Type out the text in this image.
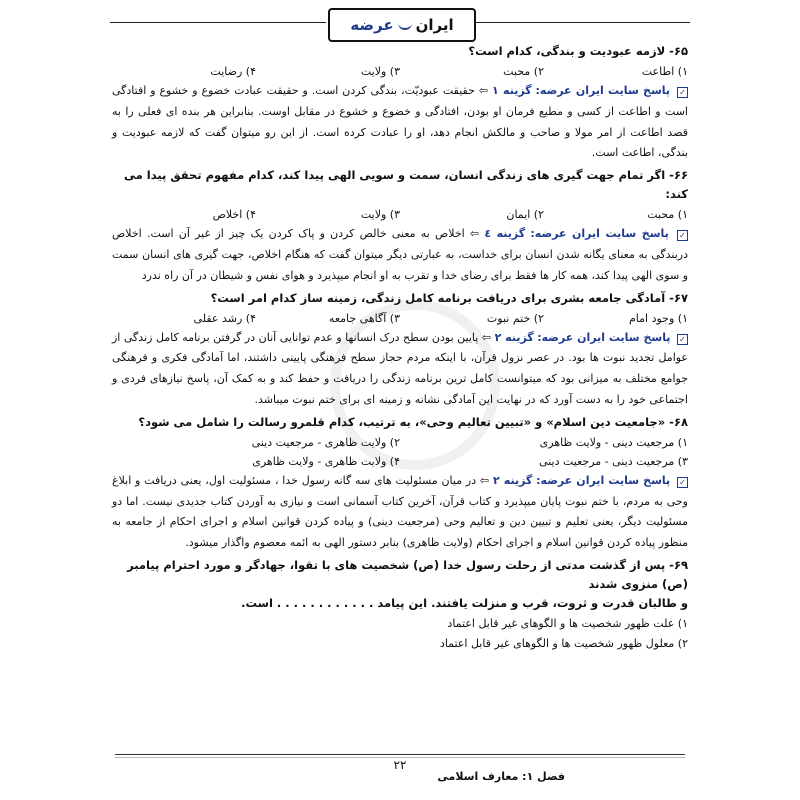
ایران
عرضه
۶۵- لازمه عبودیت و بندگی، کدام است؟
۱) اطاعت
۲) محبت
۳) ولایت
۴) رضایت

✓ پاسخ سایت ایران عرضه: گزینه ۱ ⇦ حقیقت عبودیّت، بندگی کردن است. و حقیقت عبادت خضوع و خشوع و افتادگی است و اطاعت از کسی و مطیع فرمان او بودن، افتادگی و خضوع و خشوع در مقابل اوست. بنابراین هر بنده ای فعلی را به قصد اطاعت از امر مولا و صاحب و مالکش انجام دهد، او را عبادت کرده است. از این رو میتوان گفت که لازمه عبودیت و بندگی، اطاعت است.

۶۶- اگر تمام جهت گیری های زندگی انسان، سمت و سویی الهی پیدا کند، کدام مفهوم تحقق پیدا می کند:
۱) محبت
۲) ایمان
۳) ولایت
۴) اخلاص

✓ پاسخ سایت ایران عرضه: گزینه ٤ ⇦ اخلاص به معنی خالص کردن و پاک کردن یک چیز از غیر آن است. اخلاص دربندگی به معنای یگانه شدن انسان برای خداست، به عبارتی دیگر میتوان گفت که هنگام اخلاص، جهت گیری های انسان سمت و سوی الهی پیدا کند، همه کار ها فقط برای رضای خدا و تقرب به او انجام میپذیرد و هوای نفس و شیطان در آن راه ندرد

۶۷- آمادگی جامعه بشری برای دریافت برنامه کامل زندگی، زمینه ساز کدام امر است؟
۱) وجود امام
۲) ختم نبوت
۳) آگاهی جامعه
۴) رشد عقلی

✓ پاسخ سایت ایران عرضه: گزینه ۲ ⇦ پایین بودن سطح درک انسانها و عدم توانایی آنان در گرفتن برنامه کامل زندگی از عوامل تجدید نبوت ها بود. در عصر نزول قرآن، با اینکه مردم حجاز سطح فرهنگی پایینی داشتند، اما آمادگی فکری و فرهنگی جوامع مختلف به میزانی بود که میتوانست کامل ترین برنامه زندگی را دریافت و حفظ کند و به کمک آن، پاسخ نیازهای فردی و اجتماعی خود را به دست آورد که در نهایت این آمادگی نشانه و زمینه ای برای ختم نبوت میباشد.

۶۸- «جامعیت دین اسلام» و «تبیین تعالیم وحی»، به ترتیب، کدام قلمرو رسالت را شامل می شود؟
۱) مرجعیت دینی - ولایت ظاهری
۲) ولایت ظاهری - مرجعیت دینی
۳) مرجعیت دینی - مرجعیت دینی
۴) ولایت ظاهری - ولایت ظاهری

✓ پاسخ سایت ایران عرضه: گزینه ۲ ⇦ در میان مسئولیت های سه گانه رسول خدا ، مسئولیت اول، یعنی دریافت و ابلاغ وحی به مردم، با ختم نبوت پایان میپذیرد و کتاب قرآن، آخرین کتاب آسمانی است و نیازی به آوردن کتاب جدیدی نیست. اما دو مسئولیت دیگر، یعنی تعلیم و تبیین دین و تعالیم وحی (مرجعیت دینی) و پیاده کردن قوانین اسلام و اجرای احکام از جامعه به منظور پیاده کردن قوانین اسلام و اجرای احکام (ولایت ظاهری) بنابر دستور الهی به ائمه معصوم واگذار میشود.

۶۹- پس از گذشت مدتی از رحلت رسول خدا (ص) شخصیت های با تقوا، جهادگر و مورد احترام پیامبر (ص) منزوی شدند
و طالبان قدرت و ثروت، قرب و منزلت یافتند. این پیامد . . . . . . . . . . . . است.
۱) علت ظهور شخصیت ها و الگوهای غیر قابل اعتماد
۲) معلول ظهور شخصیت ها و الگوهای غیر قابل اعتماد
۲۲
فصل ۱: معارف اسلامی
